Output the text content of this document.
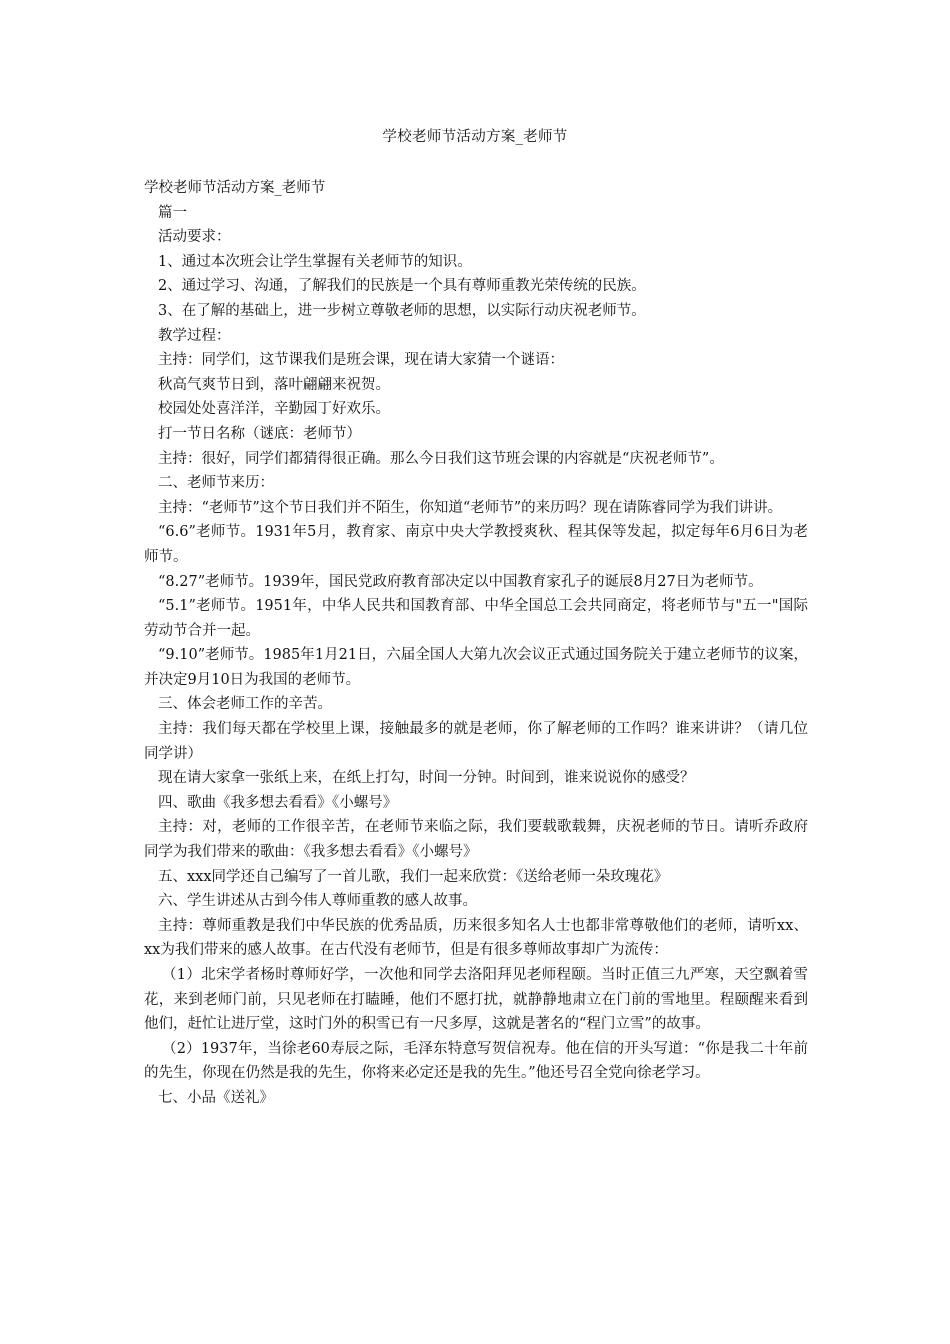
学校老师节活动方案_老师节

学校老师节活动方案_老师节

篇一

活动要求：

1、通过本次班会让学生掌握有关老师节的知识。

2、通过学习、沟通，了解我们的民族是一个具有尊师重教光荣传统的民族。

3、在了解的基础上，进一步树立尊敬老师的思想，以实际行动庆祝老师节。

教学过程：

主持：同学们，这节课我们是班会课，现在请大家猜一个谜语：

秋高气爽节日到，落叶翩翩来祝贺。

校园处处喜洋洋，辛勤园丁好欢乐。

打一节日名称（谜底：老师节）

主持：很好，同学们都猜得很正确。那么今日我们这节班会课的内容就是“庆祝老师节”。

二、老师节来历：

主持：“老师节”这个节日我们并不陌生，你知道“老师节”的来历吗？现在请陈睿同学为我们讲讲。

“6.6”老师节。1931年5月，教育家、南京中央大学教授爽秋、程其保等发起，拟定每年6月6日为老师节。

“8.27”老师节。1939年，国民党政府教育部决定以中国教育家孔子的诞辰8月27日为老师节。

“5.1”老师节。1951年，中华人民共和国教育部、中华全国总工会共同商定，将老师节与"五一"国际劳动节合并一起。

“9.10”老师节。1985年1月21日，六届全国人大第九次会议正式通过国务院关于建立老师节的议案，并决定9月10日为我国的老师节。

三、体会老师工作的辛苦。

主持：我们每天都在学校里上课，接触最多的就是老师，你了解老师的工作吗？谁来讲讲？（请几位同学讲）

现在请大家拿一张纸上来，在纸上打勾，时间一分钟。时间到，谁来说说你的感受？

四、歌曲《我多想去看看》《小螺号》

主持：对，老师的工作很辛苦，在老师节来临之际，我们要载歌载舞，庆祝老师的节日。请听乔政府同学为我们带来的歌曲：《我多想去看看》《小螺号》

五、xxx同学还自己编写了一首儿歌，我们一起来欣赏：《送给老师一朵玫瑰花》

六、学生讲述从古到今伟人尊师重教的感人故事。

主持：尊师重教是我们中华民族的优秀品质，历来很多知名人士也都非常尊敬他们的老师，请听xx、xx为我们带来的感人故事。在古代没有老师节，但是有很多尊师故事却广为流传：

（1）北宋学者杨时尊师好学，一次他和同学去洛阳拜见老师程颐。当时正值三九严寒，天空飘着雪花，来到老师门前，只见老师在打瞌睡，他们不愿打扰，就静静地肃立在门前的雪地里。程颐醒来看到他们，赶忙让进厅堂，这时门外的积雪已有一尺多厚，这就是著名的“程门立雪”的故事。

（2）1937年，当徐老60寿辰之际，毛泽东特意写贺信祝寿。他在信的开头写道：“你是我二十年前的先生，你现在仍然是我的先生，你将来必定还是我的先生。”他还号召全党向徐老学习。

七、小品《送礼》
